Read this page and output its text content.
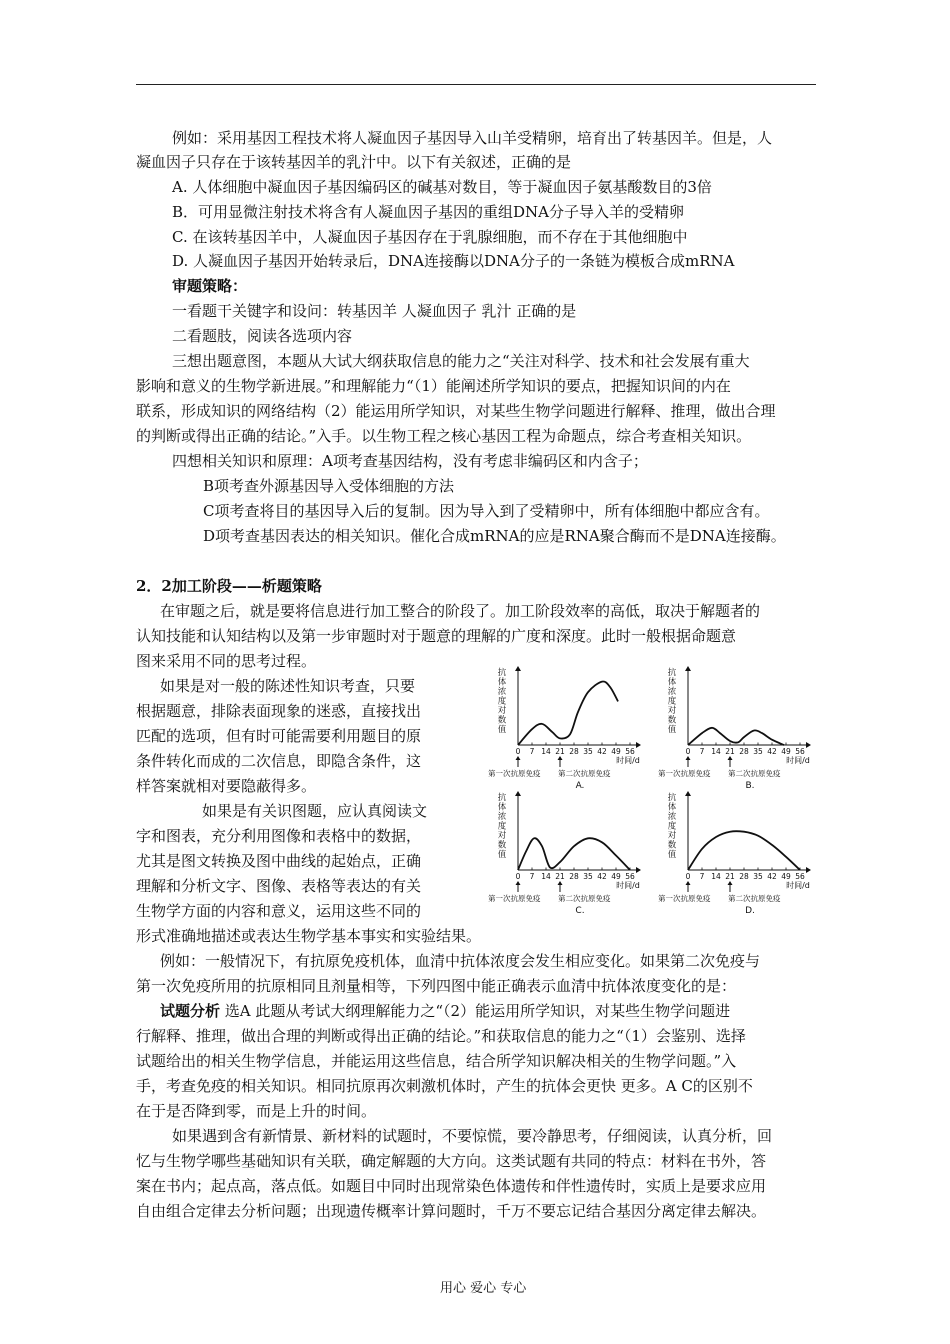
例如：采用基因工程技术将人凝血因子基因导入山羊受精卵，培育出了转基因羊。但是，人
凝血因子只存在于该转基因羊的乳汁中。以下有关叙述，正确的是
A. 人体细胞中凝血因子基因编码区的碱基对数目，等于凝血因子氨基酸数目的3倍
B．可用显微注射技术将含有人凝血因子基因的重组DNA分子导入羊的受精卵
C. 在该转基因羊中，人凝血因子基因存在于乳腺细胞，而不存在于其他细胞中
D. 人凝血因子基因开始转录后，DNA连接酶以DNA分子的一条链为模板合成mRNA
审题策略：
一看题干关键字和设问：转基因羊 人凝血因子 乳汁 正确的是
二看题肢，阅读各选项内容
三想出题意图，本题从大试大纲获取信息的能力之“关注对科学、技术和社会发展有重大
影响和意义的生物学新进展。”和理解能力“（1）能阐述所学知识的要点，把握知识间的内在
联系，形成知识的网络结构（2）能运用所学知识，对某些生物学问题进行解释、推理，做出合理
的判断或得出正确的结论。”入手。以生物工程之核心基因工程为命题点，综合考查相关知识。
四想相关知识和原理：A项考查基因结构，没有考虑非编码区和内含子；
B项考查外源基因导入受体细胞的方法
C项考查将目的基因导入后的复制。因为导入到了受精卵中，所有体细胞中都应含有。
D项考查基因表达的相关知识。催化合成mRNA的应是RNA聚合酶而不是DNA连接酶。
2．2加工阶段——析题策略
在审题之后，就是要将信息进行加工整合的阶段了。加工阶段效率的高低，取决于解题者的
认知技能和认知结构以及第一步审题时对于题意的理解的广度和深度。此时一般根据命题意
图来采用不同的思考过程。
如果是对一般的陈述性知识考查，只要
根据题意，排除表面现象的迷惑，直接找出
匹配的选项，但有时可能需要利用题目的原
条件转化而成的二次信息，即隐含条件，这
样答案就相对要隐蔽得多。
如果是有关识图题，应认真阅读文
字和图表，充分利用图像和表格中的数据，
尤其是图文转换及图中曲线的起始点，正确
理解和分析文字、图像、表格等表达的有关
生物学方面的内容和意义，运用这些不同的
形式准确地描述或表达生物学基本事实和实验结果。
例如：一般情况下，有抗原免疫机体，血清中抗体浓度会发生相应变化。如果第二次免疫与
第一次免疫所用的抗原相同且剂量相等，下列四图中能正确表示血清中抗体浓度变化的是：
试题分析 选A 此题从考试大纲理解能力之“（2）能运用所学知识，对某些生物学问题进
行解释、推理，做出合理的判断或得出正确的结论。”和获取信息的能力之“（1）会鉴别、选择
试题给出的相关生物学信息，并能运用这些信息，结合所学知识解决相关的生物学问题。”入
手，考查免疫的相关知识。相同抗原再次刺激机体时，产生的抗体会更快 更多。A C的区别不
在于是否降到零，而是上升的时间。
如果遇到含有新情景、新材料的试题时，不要惊慌，要冷静思考，仔细阅读，认真分析，回
忆与生物学哪些基础知识有关联，确定解题的大方向。这类试题有共同的特点：材料在书外，答
案在书内；起点高，落点低。如题目中同时出现常染色体遗传和伴性遗传时，实质上是要求应用
自由组合定律去分析问题；出现遗传概率计算问题时，千万不要忘记结合基因分离定律去解决。
抗体浓度对数值
0 7 14 21 28 35 42 49 56
时间/d
第一次抗原免疫 第二次抗原免疫
A.
抗体浓度对数值
0 7 14 21 28 35 42 49 56
时间/d
第一次抗原免疫 第二次抗原免疫
B.
抗体浓度对数值
0 7 14 21 28 35 42 49 56
时间/d
第一次抗原免疫 第二次抗原免疫
C.
抗体浓度对数值
0 7 14 21 28 35 42 49 56
时间/d
第一次抗原免疫 第二次抗原免疫
D.
用心 爱心 专心
